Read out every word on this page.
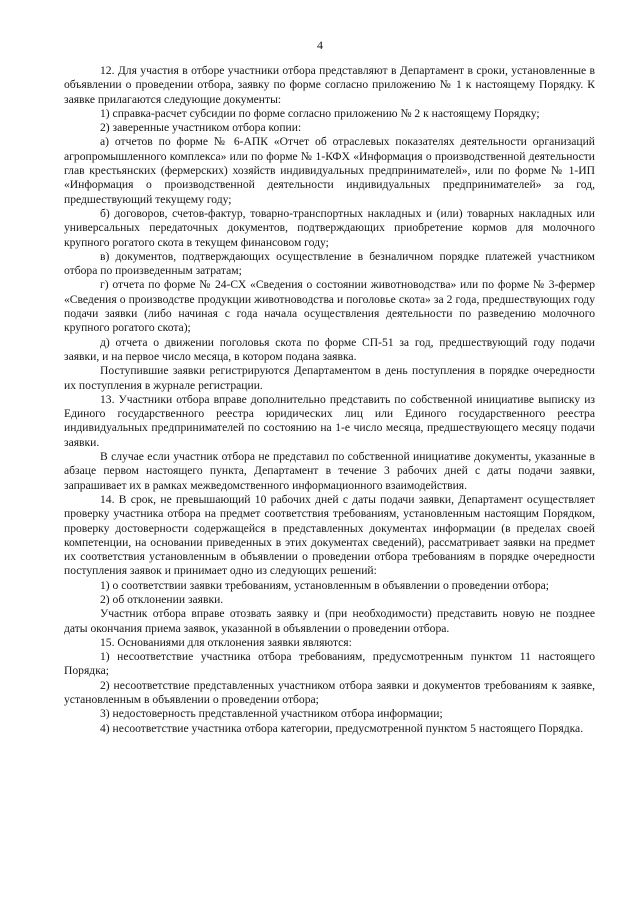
4

12. Для участия в отборе участники отбора представляют в Департамент в сроки, установленные в объявлении о проведении отбора, заявку по форме согласно приложению № 1 к настоящему Порядку. К заявке прилагаются следующие документы:

1) справка-расчет субсидии по форме согласно приложению № 2 к настоящему Порядку;

2) заверенные участником отбора копии:

а) отчетов по форме № 6-АПК «Отчет об отраслевых показателях деятельности организаций агропромышленного комплекса» или по форме № 1-КФХ «Информация о производственной деятельности глав крестьянских (фермерских) хозяйств индивидуальных предпринимателей», или по форме № 1-ИП «Информация о производственной деятельности индивидуальных предпринимателей» за год, предшествующий текущему году;

б) договоров, счетов-фактур, товарно-транспортных накладных и (или) товарных накладных или универсальных передаточных документов, подтверждающих приобретение кормов для молочного крупного рогатого скота в текущем финансовом году;

в) документов, подтверждающих осуществление в безналичном порядке платежей участником отбора по произведенным затратам;

г) отчета по форме № 24-СХ «Сведения о состоянии животноводства» или по форме № 3-фермер «Сведения о производстве продукции животноводства и поголовье скота» за 2 года, предшествующих году подачи заявки (либо начиная с года начала осуществления деятельности по разведению молочного крупного рогатого скота);

д) отчета о движении поголовья скота по форме СП-51 за год, предшествующий году подачи заявки, и на первое число месяца, в котором подана заявка.

Поступившие заявки регистрируются Департаментом в день поступления в порядке очередности их поступления в журнале регистрации.

13. Участники отбора вправе дополнительно представить по собственной инициативе выписку из Единого государственного реестра юридических лиц или Единого государственного реестра индивидуальных предпринимателей по состоянию на 1-е число месяца, предшествующего месяцу подачи заявки.

В случае если участник отбора не представил по собственной инициативе документы, указанные в абзаце первом настоящего пункта, Департамент в течение 3 рабочих дней с даты подачи заявки, запрашивает их в рамках межведомственного информационного взаимодействия.

14. В срок, не превышающий 10 рабочих дней с даты подачи заявки, Департамент осуществляет проверку участника отбора на предмет соответствия требованиям, установленным настоящим Порядком, проверку достоверности содержащейся в представленных документах информации (в пределах своей компетенции, на основании приведенных в этих документах сведений), рассматривает заявки на предмет их соответствия установленным в объявлении о проведении отбора требованиям в порядке очередности поступления заявок и принимает одно из следующих решений:

1) о соответствии заявки требованиям, установленным в объявлении о проведении отбора;

2) об отклонении заявки.

Участник отбора вправе отозвать заявку и (при необходимости) представить новую не позднее даты окончания приема заявок, указанной в объявлении о проведении отбора.

15. Основаниями для отклонения заявки являются:

1) несоответствие участника отбора требованиям, предусмотренным пунктом 11 настоящего Порядка;

2) несоответствие представленных участником отбора заявки и документов требованиям к заявке, установленным в объявлении о проведении отбора;

3) недостоверность представленной участником отбора информации;

4) несоответствие участника отбора категории, предусмотренной пунктом 5 настоящего Порядка.
